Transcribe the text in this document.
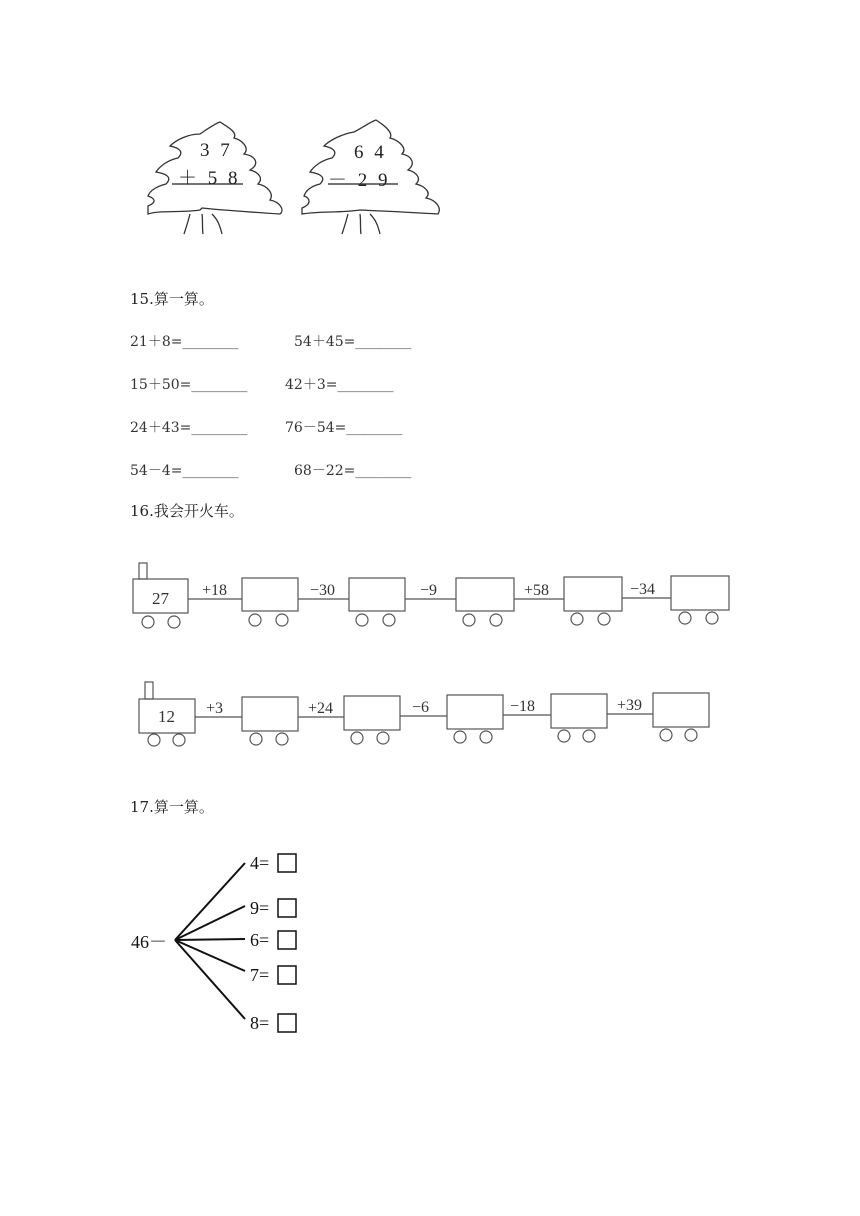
3 7
＋ 5 8
6 4
－ 2 9
15.算一算。
21＋8=________	54＋45=________
15＋50=________	42＋3=________
24＋43=________	76－54=________
54－4=________	68－22=________
16.我会开火车。
27 +18	−30	−9	+58	−34
12 +3	+24	−6	−18	+39
17.算一算。
46－
4=
9=
6=
7=
8=
